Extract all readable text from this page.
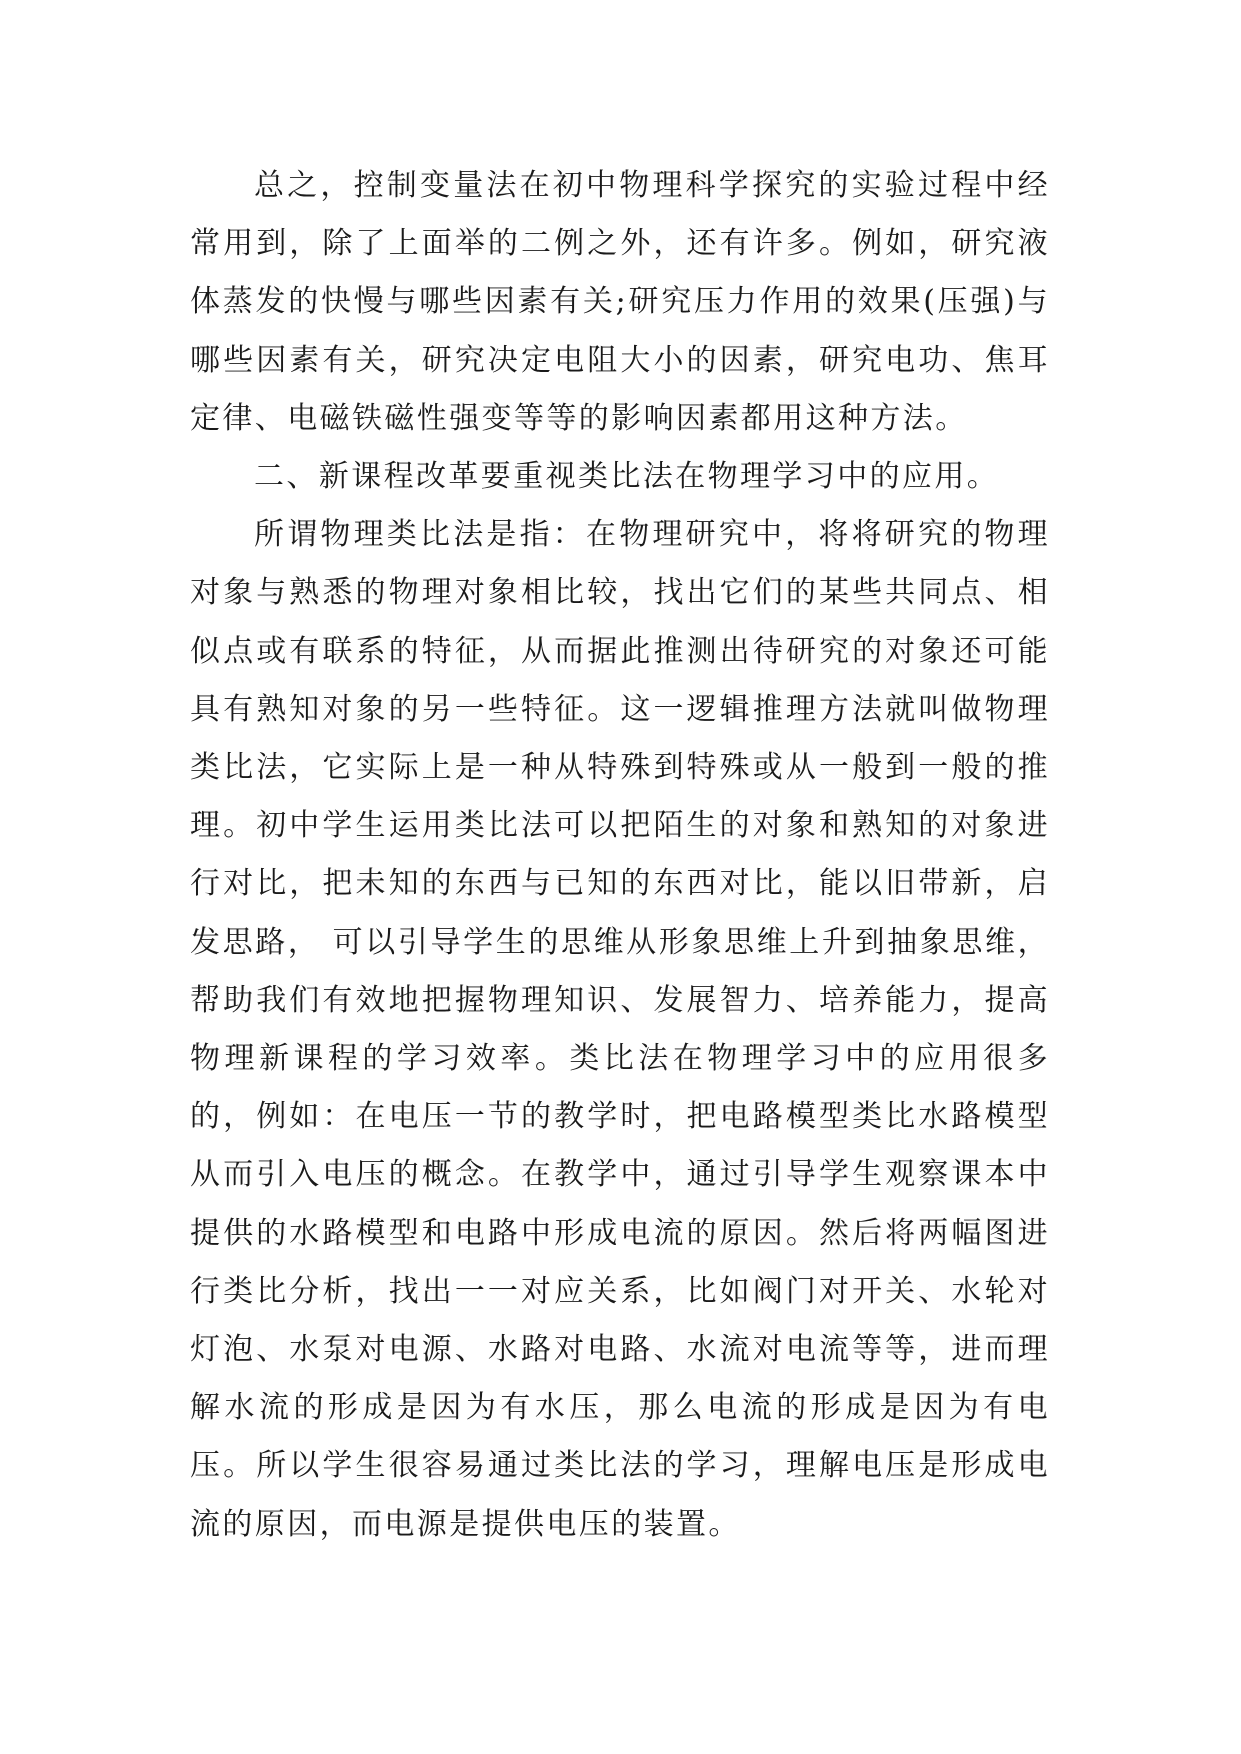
总之，控制变量法在初中物理科学探究的实验过程中经常用到，除了上面举的二例之外，还有许多。例如，研究液体蒸发的快慢与哪些因素有关;研究压力作用的效果(压强)与哪些因素有关，研究决定电阻大小的因素，研究电功、焦耳定律、电磁铁磁性强变等等的影响因素都用这种方法。

二、新课程改革要重视类比法在物理学习中的应用。

所谓物理类比法是指：在物理研究中，将将研究的物理对象与熟悉的物理对象相比较，找出它们的某些共同点、相似点或有联系的特征，从而据此推测出待研究的对象还可能具有熟知对象的另一些特征。这一逻辑推理方法就叫做物理类比法，它实际上是一种从特殊到特殊或从一般到一般的推理。初中学生运用类比法可以把陌生的对象和熟知的对象进行对比，把未知的东西与已知的东西对比，能以旧带新，启发思路， 可以引导学生的思维从形象思维上升到抽象思维，帮助我们有效地把握物理知识、发展智力、培养能力，提高物理新课程的学习效率。类比法在物理学习中的应用很多的，例如：在电压一节的教学时，把电路模型类比水路模型从而引入电压的概念。在教学中，通过引导学生观察课本中提供的水路模型和电路中形成电流的原因。然后将两幅图进行类比分析，找出一一对应关系，比如阀门对开关、水轮对灯泡、水泵对电源、水路对电路、水流对电流等等，进而理解水流的形成是因为有水压，那么电流的形成是因为有电压。所以学生很容易通过类比法的学习，理解电压是形成电流的原因，而电源是提供电压的装置。
